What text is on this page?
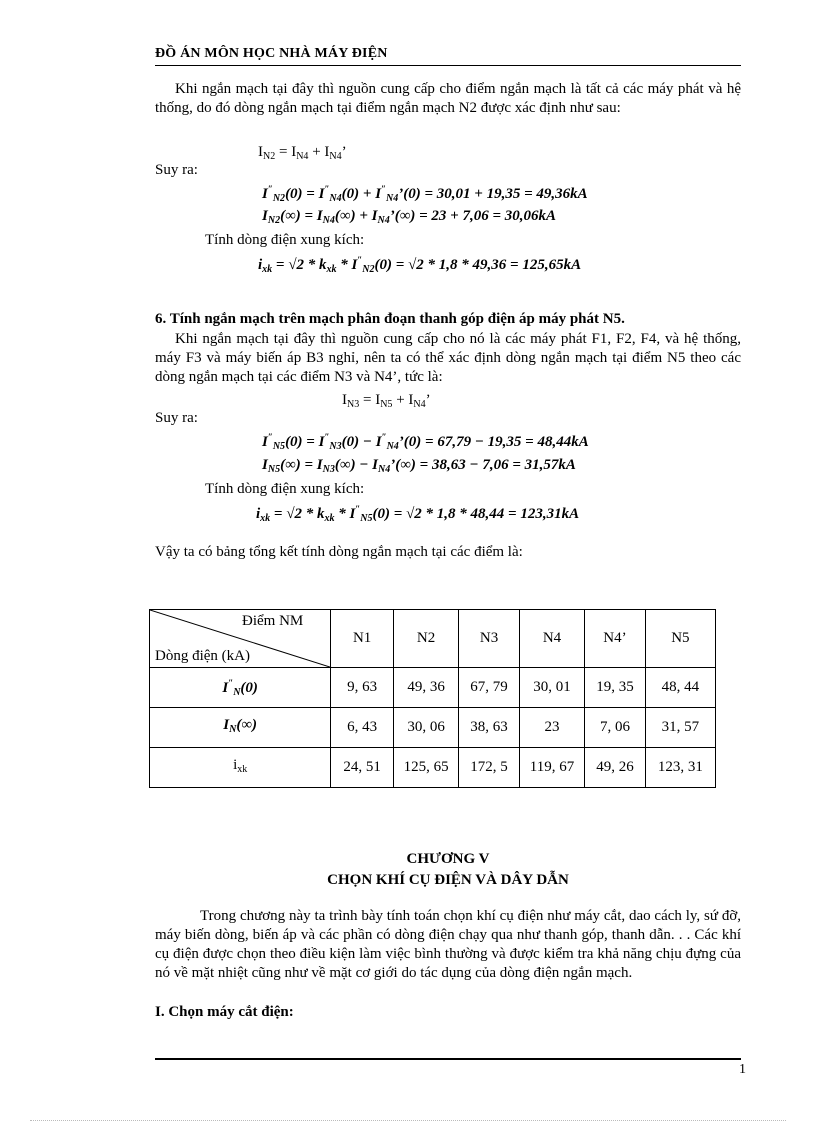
ĐỒ ÁN MÔN HỌC NHÀ MÁY ĐIỆN
Khi ngắn mạch tại đây thì nguồn cung cấp cho điểm ngắn mạch là tất cả các máy phát và hệ thống, do đó dòng ngắn mạch tại điểm ngắn mạch N2 được xác định như sau:
$I_{N2} = I_{N4} + I_{N4}$’
Suy ra:
$I''_{N2}(0) = I''_{N4}(0)$ + $I''_{N4}’(0) = 30,01 + 19,35 = 49,36kA$
$I_{N2}(\infty) = I_{N4}(\infty)$ + $I_{N4}’(\infty) = 23 + 7,06 = 30,06kA$
Tính dòng điện xung kích:
$i_{xk} = √2 * k_{xk} * I''_{N2}(0) = √2 * 1,8 * 49,36 = 125,65kA$
6. Tính ngắn mạch trên mạch phân đoạn thanh góp điện áp máy phát N5.
Khi ngắn mạch tại đây thì nguồn cung cấp cho nó là các máy phát F1, F2, F4, và hệ thống, máy F3 và máy biến áp B3 nghỉ, nên ta có thể xác định dòng ngắn mạch tại điểm N5 theo các dòng ngắn mạch tại các điểm N3 và N4’, tức là:
$I_{N3} = I_{N5} + I_{N4}$’
Suy ra:
$I''_{N5}(0) = I''_{N3}(0)$ − $I''_{N4}’(0) = 67,79 - 19,35 = 48,44kA$
$I_{N5}(\infty) = I_{N3}(\infty)$ − $I_{N4}’(\infty) = 38,63 - 7,06 = 31,57kA$
Tính dòng điện xung kích:
$i_{xk} = √2 * k_{xk} * I''_{N5}(0) = √2 * 1,8 * 48,44 = 123,31kA$
Vậy ta có bảng tổng kết tính dòng ngắn mạch tại các điểm là:
Điểm NM
Dòng điện (kA)	N1	N2	N3	N4	N4’	N5
$I''_N(0)$	9, 63	49, 36	67, 79	30, 01	19, 35	48, 44
$I_N(\infty)$	6, 43	30, 06	38, 63	23	7, 06	31, 57
$i_{xk}$	24, 51	125, 65	172, 5	119, 67	49, 26	123, 31
CHƯƠNG V
CHỌN KHÍ CỤ ĐIỆN VÀ DÂY DẪN
Trong chương này ta trình bày tính toán chọn khí cụ điện như máy cắt, dao cách ly, sứ đỡ, máy biến dòng, biến áp và các phần có dòng điện chạy qua như thanh góp, thanh dẫn. . . Các khí cụ điện được chọn theo điều kiện làm việc bình thường và được kiểm tra khả năng chịu đựng của nó về mặt nhiệt cũng như về mặt cơ giới do tác dụng của dòng điện ngắn mạch.
I. Chọn máy cắt điện:
1
